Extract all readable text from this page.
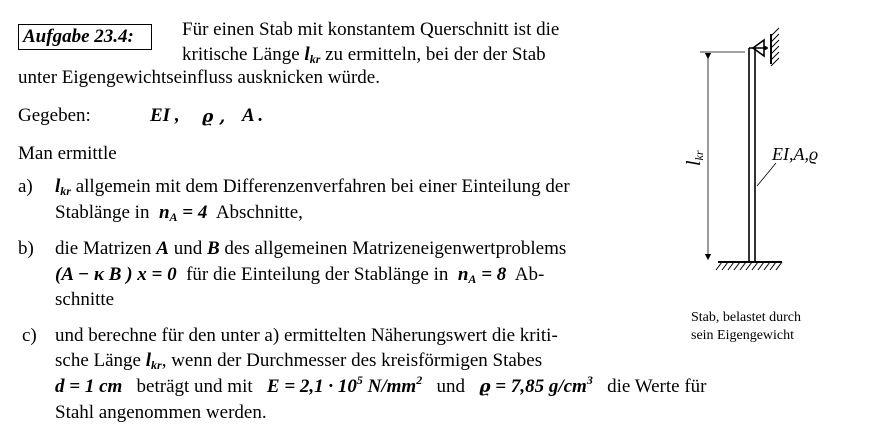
Aufgabe 23.4:	Für einen Stab mit konstantem Querschnitt ist die
kritische Länge $l_{kr}$ zu ermitteln, bei der der Stab
unter Eigengewichtseinfluss ausknicken würde.
Gegeben:	EI , ϱ , A .
Man ermittle
a) $l_{kr}$ allgemein mit dem Differenzenverfahren bei einer Einteilung der
Stablänge in $n_A = 4$ Abschnitte,
b) die Matrizen A und B des allgemeinen Matrizeneigenwertproblems
(A − κ B ) x = 0 für die Einteilung der Stablänge in $n_A = 8$ Ab-
schnitte
c) und berechne für den unter a) ermittelten Näherungswert die kriti-
sche Länge $l_{kr}$, wenn der Durchmesser des kreisförmigen Stabes
d = 1 cm beträgt und mit $E = 2,1 \cdot 10^5$ $N/mm^2$ und ϱ = 7,85 $g/cm^3$ die Werte für
Stahl angenommen werden.
$l_{kr}$	EI,A,ϱ
Stab, belastet durch
sein Eigengewicht
